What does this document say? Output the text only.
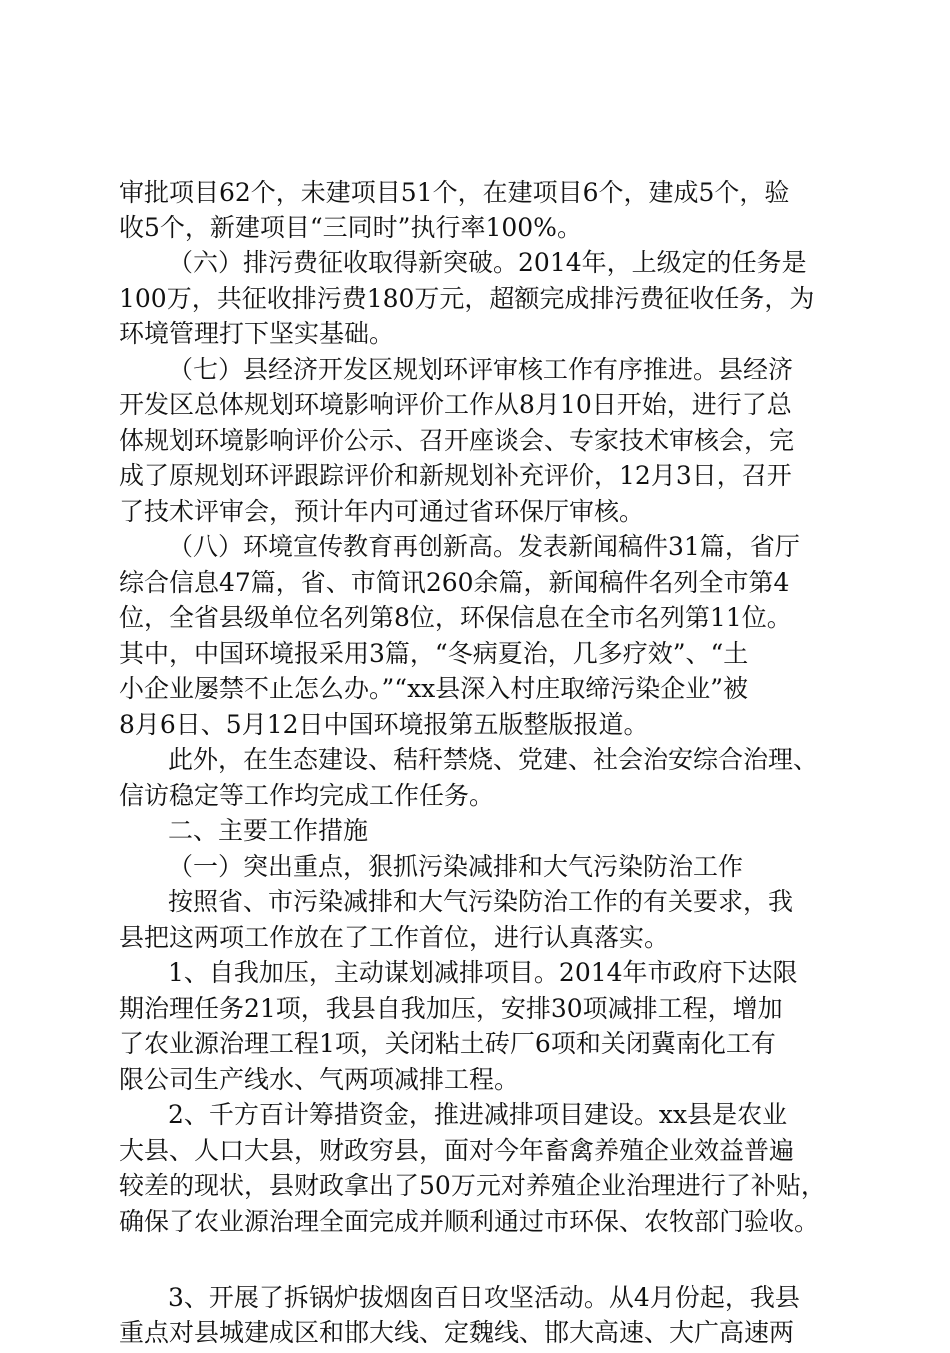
审批项目62个，未建项目51个，在建项目6个，建成5个，验
收5个，新建项目“三同时”执行率100%。
（六）排污费征收取得新突破。2014年，上级定的任务是
100万，共征收排污费180万元，超额完成排污费征收任务，为
环境管理打下坚实基础。
（七）县经济开发区规划环评审核工作有序推进。县经济
开发区总体规划环境影响评价工作从8月10日开始，进行了总
体规划环境影响评价公示、召开座谈会、专家技术审核会，完
成了原规划环评跟踪评价和新规划补充评价，12月3日，召开
了技术评审会，预计年内可通过省环保厅审核。
（八）环境宣传教育再创新高。发表新闻稿件31篇，省厅
综合信息47篇，省、市简讯260余篇，新闻稿件名列全市第4
位，全省县级单位名列第8位，环保信息在全市名列第11位。
其中，中国环境报采用3篇，“冬病夏治，几多疗效”、“土
小企业屡禁不止怎么办。”“xx县深入村庄取缔污染企业”被
8月6日、5月12日中国环境报第五版整版报道。
此外，在生态建设、秸秆禁烧、党建、社会治安综合治理、
信访稳定等工作均完成工作任务。
二、主要工作措施
（一）突出重点，狠抓污染减排和大气污染防治工作
按照省、市污染减排和大气污染防治工作的有关要求，我
县把这两项工作放在了工作首位，进行认真落实。
1、自我加压，主动谋划减排项目。2014年市政府下达限
期治理任务21项，我县自我加压，安排30项减排工程，增加
了农业源治理工程1项，关闭粘土砖厂6项和关闭冀南化工有
限公司生产线水、气两项减排工程。
2、千方百计筹措资金，推进减排项目建设。xx县是农业
大县、人口大县，财政穷县，面对今年畜禽养殖企业效益普遍
较差的现状，县财政拿出了50万元对养殖企业治理进行了补贴，
确保了农业源治理全面完成并顺利通过市环保、农牧部门验收。
3、开展了拆锅炉拔烟囱百日攻坚活动。从4月份起，我县
重点对县城建成区和邯大线、定魏线、邯大高速、大广高速两
